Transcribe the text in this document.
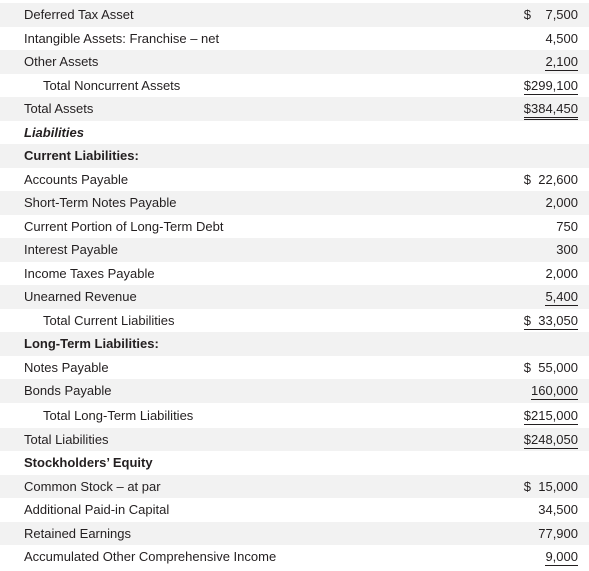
Deferred Tax Asset	$    7,500
Intangible Assets: Franchise – net	4,500
Other Assets	2,100
Total Noncurrent Assets	$299,100
Total Assets	$384,450
Liabilities
Current Liabilities:
Accounts Payable	$  22,600
Short-Term Notes Payable	2,000
Current Portion of Long-Term Debt	750
Interest Payable	300
Income Taxes Payable	2,000
Unearned Revenue	5,400
Total Current Liabilities	$  33,050
Long-Term Liabilities:
Notes Payable	$  55,000
Bonds Payable	160,000
Total Long-Term Liabilities	$215,000
Total Liabilities	$248,050
Stockholders’ Equity
Common Stock – at par	$  15,000
Additional Paid-in Capital	34,500
Retained Earnings	77,900
Accumulated Other Comprehensive Income	9,000
